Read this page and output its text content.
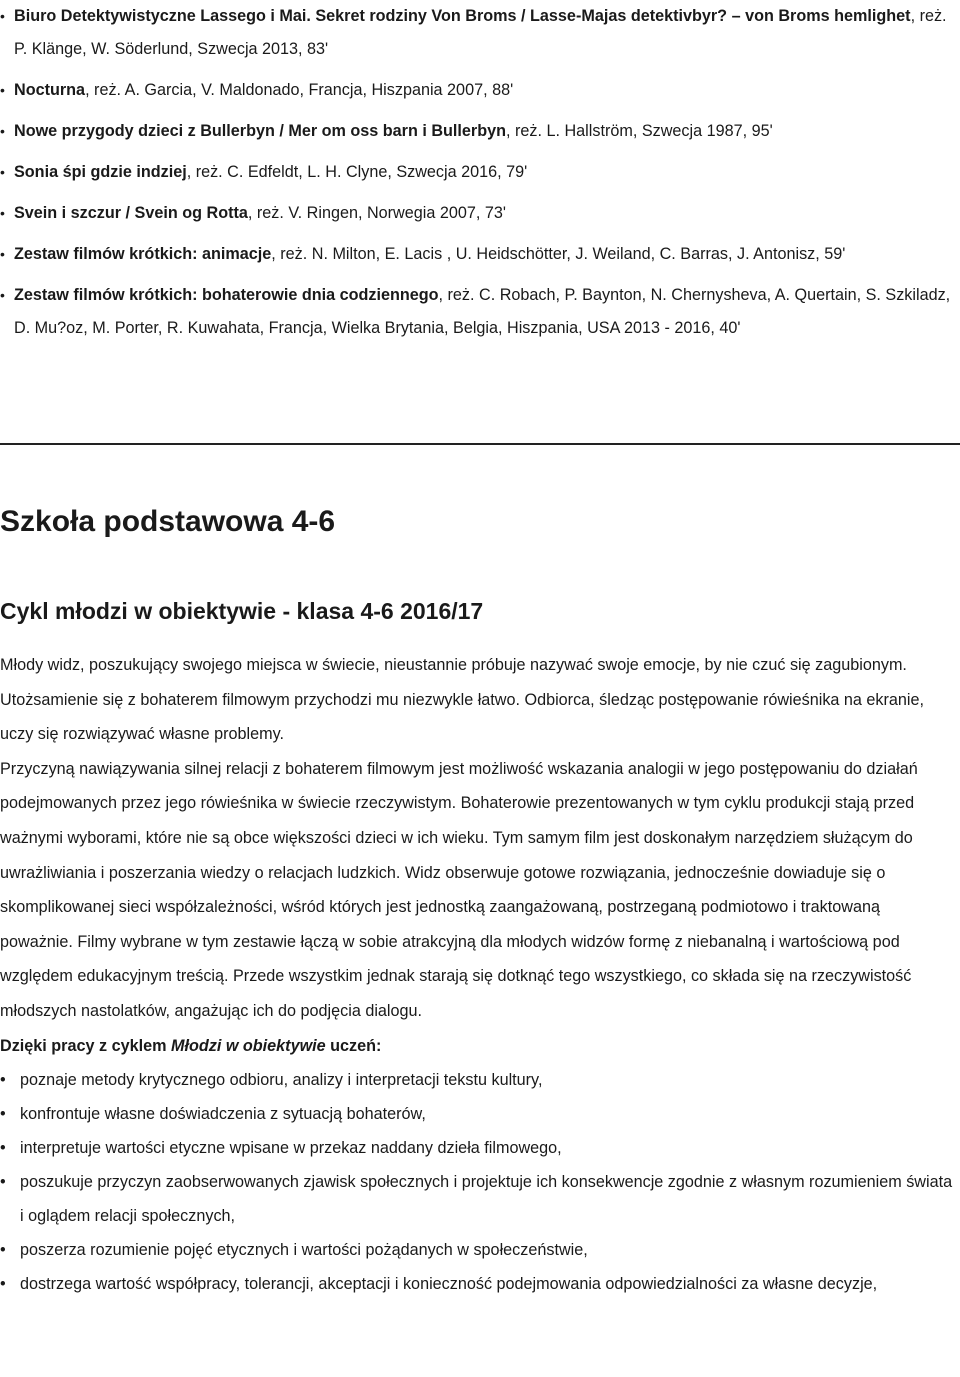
• Biuro Detektywistyczne Lassego i Mai. Sekret rodziny Von Broms / Lasse-Majas detektivbyr? – von Broms hemlighet, reż. P. Klänge, W. Söderlund, Szwecja 2013, 83'
• Nocturna, reż. A. Garcia, V. Maldonado, Francja, Hiszpania 2007, 88'
• Nowe przygody dzieci z Bullerbyn / Mer om oss barn i Bullerbyn, reż. L. Hallström, Szwecja 1987, 95'
• Sonia śpi gdzie indziej, reż. C. Edfeldt, L. H. Clyne, Szwecja 2016, 79'
• Svein i szczur / Svein og Rotta, reż. V. Ringen, Norwegia 2007, 73'
• Zestaw filmów krótkich: animacje, reż. N. Milton, E. Lacis , U. Heidschötter, J. Weiland, C. Barras, J. Antonisz, 59'
• Zestaw filmów krótkich: bohaterowie dnia codziennego, reż. C. Robach, P. Baynton, N. Chernysheva, A. Quertain, S. Szkiladz, D. Mu?oz, M. Porter, R. Kuwahata, Francja, Wielka Brytania, Belgia, Hiszpania, USA 2013 - 2016, 40'
Szkoła podstawowa 4-6
Cykl młodzi w obiektywie - klasa 4-6 2016/17

Młody widz, poszukujący swojego miejsca w świecie, nieustannie próbuje nazywać swoje emocje, by nie czuć się zagubionym. Utożsamienie się z bohaterem filmowym przychodzi mu niezwykle łatwo. Odbiorca, śledząc postępowanie rówieśnika na ekranie, uczy się rozwiązywać własne problemy.

Przyczyną nawiązywania silnej relacji z bohaterem filmowym jest możliwość wskazania analogii w jego postępowaniu do działań podejmowanych przez jego rówieśnika w świecie rzeczywistym. Bohaterowie prezentowanych w tym cyklu produkcji stają przed ważnymi wyborami, które nie są obce większości dzieci w ich wieku. Tym samym film jest doskonałym narzędziem służącym do uwrażliwiania i poszerzania wiedzy o relacjach ludzkich. Widz obserwuje gotowe rozwiązania, jednocześnie dowiaduje się o skomplikowanej sieci współzależności, wśród których jest jednostką zaangażowaną, postrzeganą podmiotowo i traktowaną poważnie. Filmy wybrane w tym zestawie łączą w sobie atrakcyjną dla młodych widzów formę z niebanalną i wartościową pod względem edukacyjnym treścią. Przede wszystkim jednak starają się dotknąć tego wszystkiego, co składa się na rzeczywistość młodszych nastolatków, angażując ich do podjęcia dialogu.

Dzięki pracy z cyklem Młodzi w obiektywie uczeń:

• poznaje metody krytycznego odbioru, analizy i interpretacji tekstu kultury,
• konfrontuje własne doświadczenia z sytuacją bohaterów,
• interpretuje wartości etyczne wpisane w przekaz naddany dzieła filmowego,
• poszukuje przyczyn zaobserwowanych zjawisk społecznych i projektuje ich konsekwencje zgodnie z własnym rozumieniem świata i oglądem relacji społecznych,
• poszerza rozumienie pojęć etycznych i wartości pożądanych w społeczeństwie,
• dostrzega wartość współpracy, tolerancji, akceptacji i konieczność podejmowania odpowiedzialności za własne decyzje,
